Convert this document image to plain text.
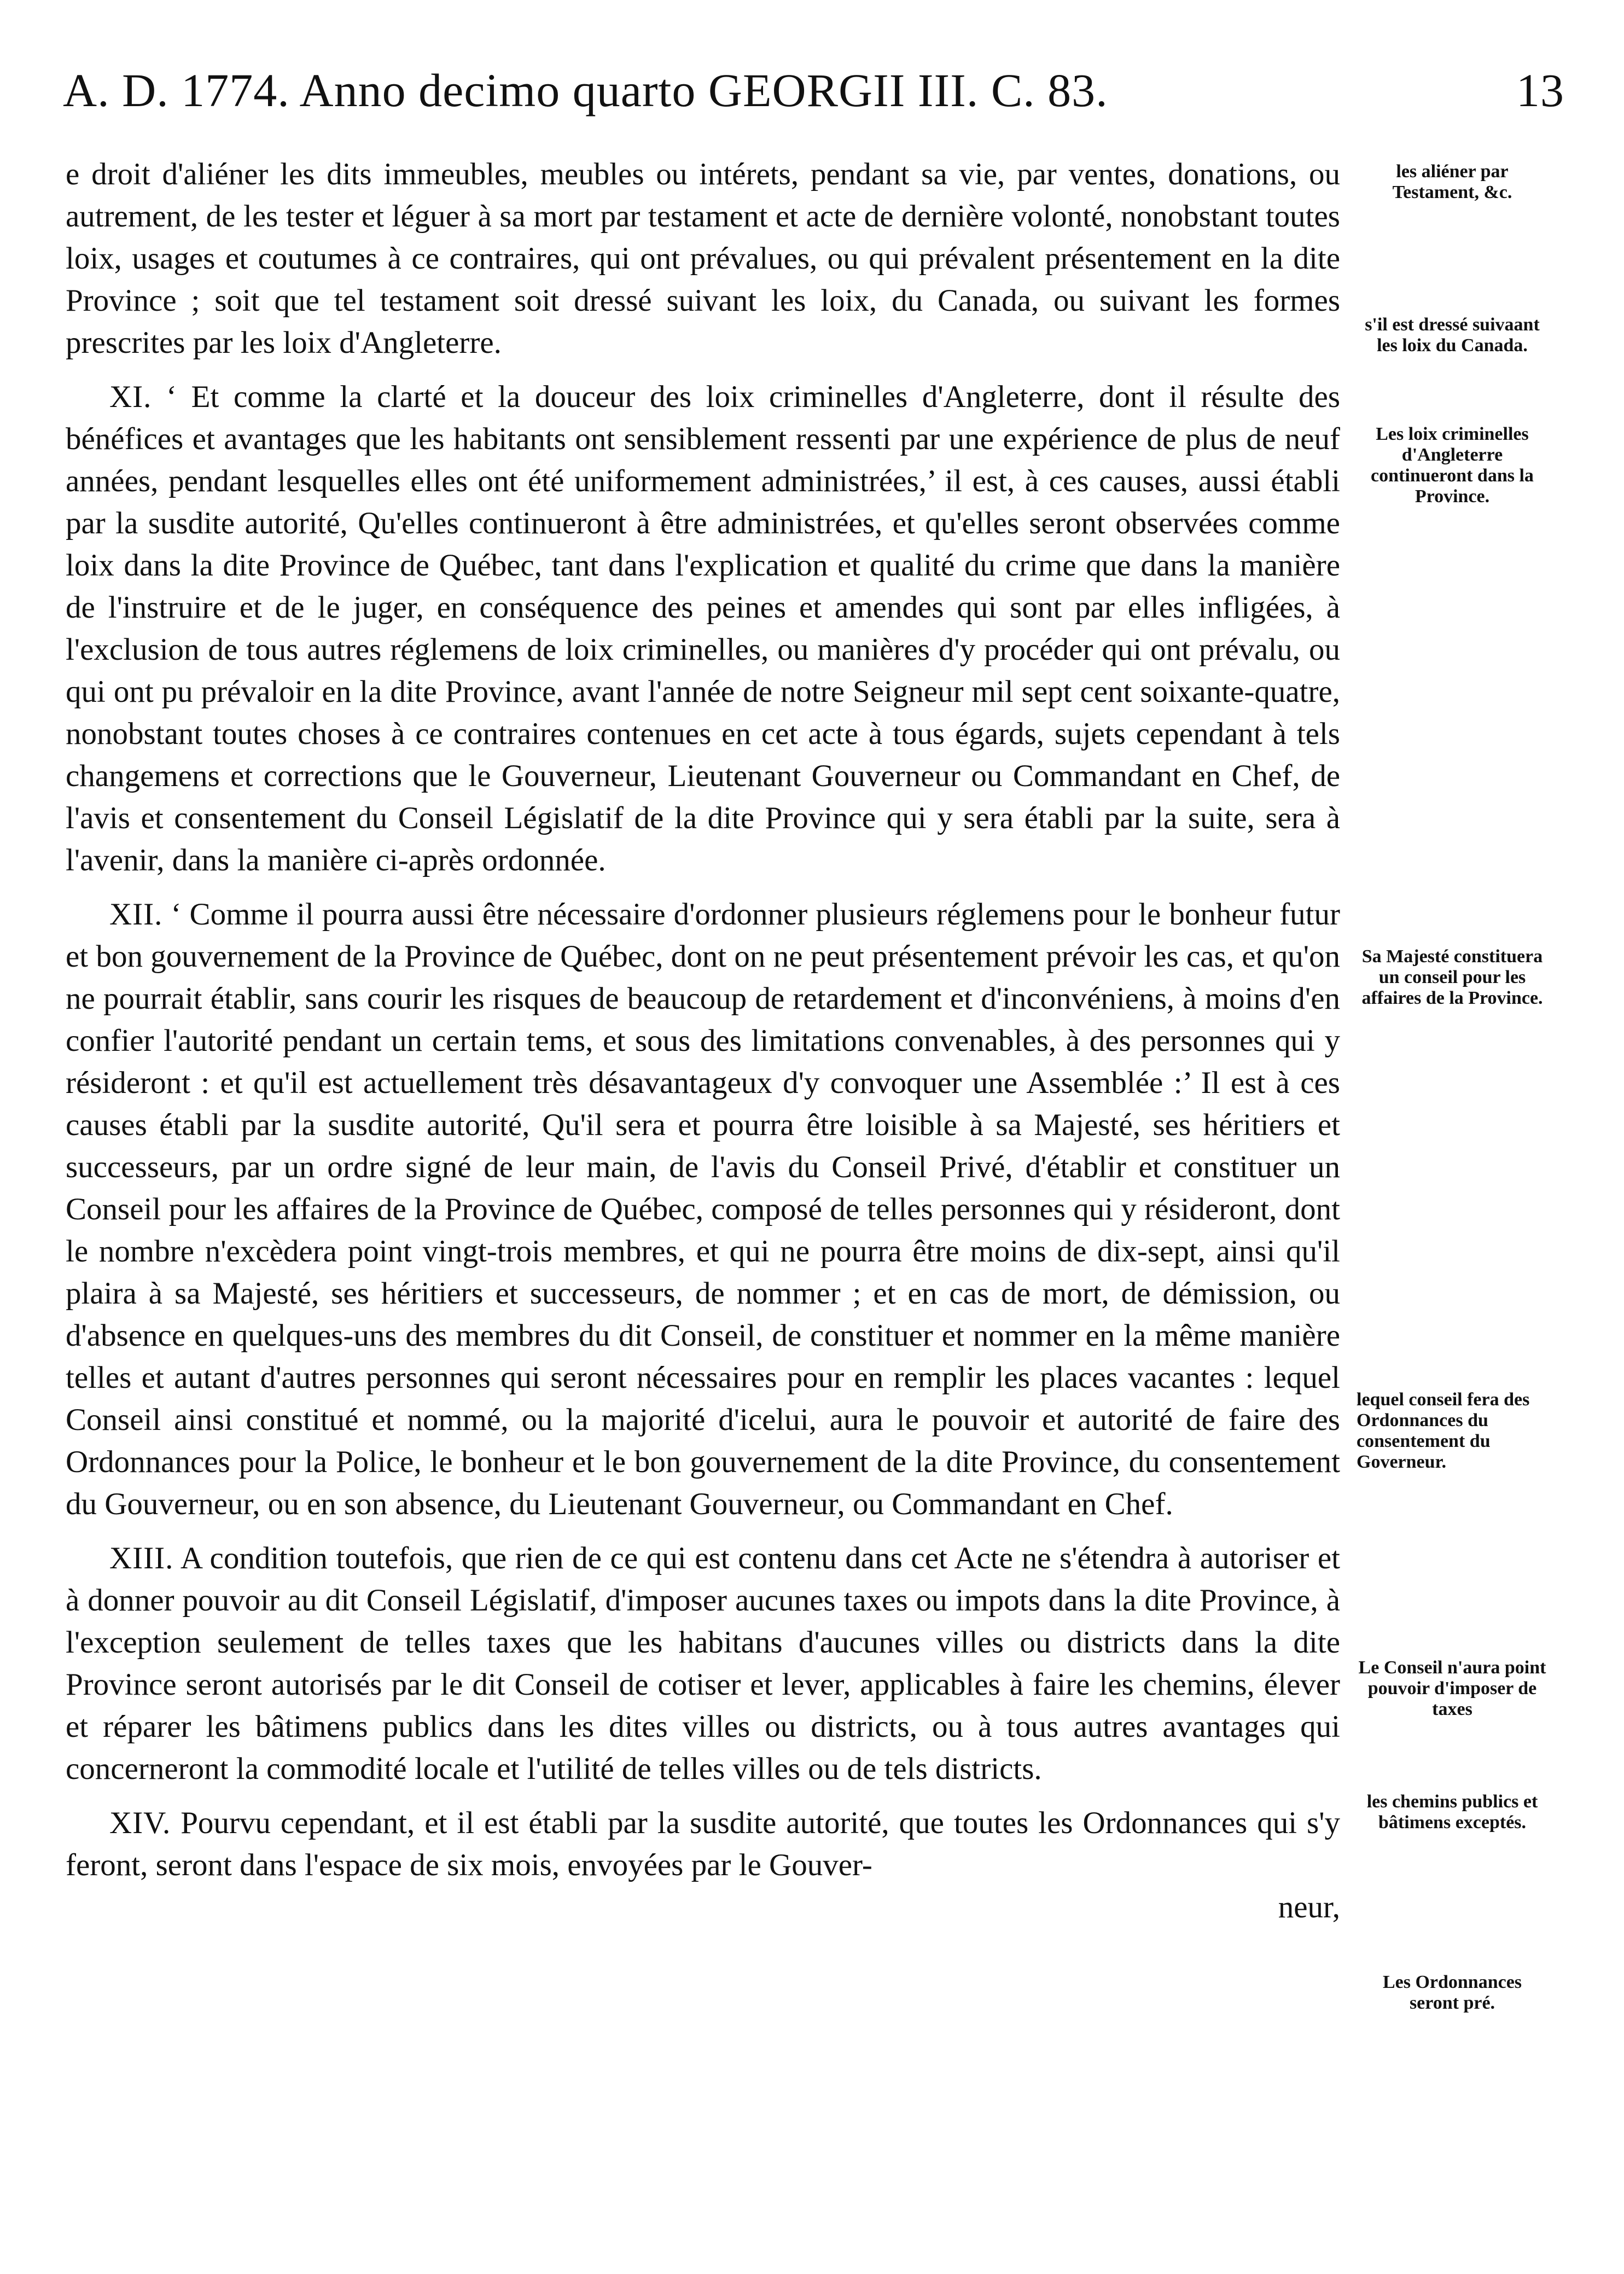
A. D. 1774. Anno decimo quarto GEORGII III. C. 83.	13

e droit d'aliéner les dits immeubles, meubles ou intérets, pendant sa vie, par ventes, donations, ou autrement, de les tester et léguer à sa mort par testament et acte de dernière volonté, nonobstant toutes loix, usages et coutumes à ce contraires, qui ont prévalues, ou qui prévalent présentement en la dite Province ; soit que tel testament soit dressé suivant les loix, du Canada, ou suivant les formes prescrites par les loix d'Angleterre.

XI. ‘ Et comme la clarté et la douceur des loix criminelles d'Angleterre, dont il résulte des bénéfices et avantages que les habitants ont sensiblement ressenti par une expérience de plus de neuf années, pendant lesquelles elles ont été uniformement administrées,’ il est, à ces causes, aussi établi par la susdite autorité, Qu'elles continueront à être administrées, et qu'elles seront observées comme loix dans la dite Province de Québec, tant dans l'explication et qualité du crime que dans la manière de l'instruire et de le juger, en conséquence des peines et amendes qui sont par elles infligées, à l'exclusion de tous autres réglemens de loix criminelles, ou manières d'y procéder qui ont prévalu, ou qui ont pu prévaloir en la dite Province, avant l'année de notre Seigneur mil sept cent soixante-quatre, nonobstant toutes choses à ce contraires contenues en cet acte à tous égards, sujets cependant à tels changemens et corrections que le Gouverneur, Lieutenant Gouverneur ou Commandant en Chef, de l'avis et consentement du Conseil Législatif de la dite Province qui y sera établi par la suite, sera à l'avenir, dans la manière ci-après ordonnée.

XII. ‘ Comme il pourra aussi être nécessaire d'ordonner plusieurs réglemens pour le bonheur futur et bon gouvernement de la Province de Québec, dont on ne peut présentement prévoir les cas, et qu'on ne pourrait établir, sans courir les risques de beaucoup de retardement et d'inconvéniens, à moins d'en confier l'autorité pendant un certain tems, et sous des limitations convenables, à des personnes qui y résideront : et qu'il est actuellement très désavantageux d'y convoquer une Assemblée :’ Il est à ces causes établi par la susdite autorité, Qu'il sera et pourra être loisible à sa Majesté, ses héritiers et successeurs, par un ordre signé de leur main, de l'avis du Conseil Privé, d'établir et constituer un Conseil pour les affaires de la Province de Québec, composé de telles personnes qui y résideront, dont le nombre n'excèdera point vingt-trois membres, et qui ne pourra être moins de dix-sept, ainsi qu'il plaira à sa Majesté, ses héritiers et successeurs, de nommer ; et en cas de mort, de démission, ou d'absence en quelques-uns des membres du dit Conseil, de constituer et nommer en la même manière telles et autant d'autres personnes qui seront nécessaires pour en remplir les places vacantes : lequel Conseil ainsi constitué et nommé, ou la majorité d'icelui, aura le pouvoir et autorité de faire des Ordonnances pour la Police, le bonheur et le bon gouvernement de la dite Province, du consentement du Gouverneur, ou en son absence, du Lieutenant Gouverneur, ou Commandant en Chef.

XIII. A condition toutefois, que rien de ce qui est contenu dans cet Acte ne s'étendra à autoriser et à donner pouvoir au dit Conseil Législatif, d'imposer aucunes taxes ou impots dans la dite Province, à l'exception seulement de telles taxes que les habitans d'aucunes villes ou districts dans la dite Province seront autorisés par le dit Conseil de cotiser et lever, applicables à faire les chemins, élever et réparer les bâtimens publics dans les dites villes ou districts, ou à tous autres avantages qui concerneront la commodité locale et l'utilité de telles villes ou de tels districts.

XIV. Pourvu cependant, et il est établi par la susdite autorité, que toutes les Ordonnances qui s'y feront, seront dans l'espace de six mois, envoyées par le Gouver-

neur,

les aliéner par Testament, &c.
s'il est dressé suivaant les loix du Canada.
Les loix criminelles d'Angleterre continueront dans la Province.
Sa Majesté constituera un conseil pour les affaires de la Province.
lequel conseil fera des Ordonnances du consentement du Governeur.
Le Conseil n'aura point pouvoir d'imposer de taxes
les chemins publics et bâtimens exceptés.
Les Ordonnances seront pré.
